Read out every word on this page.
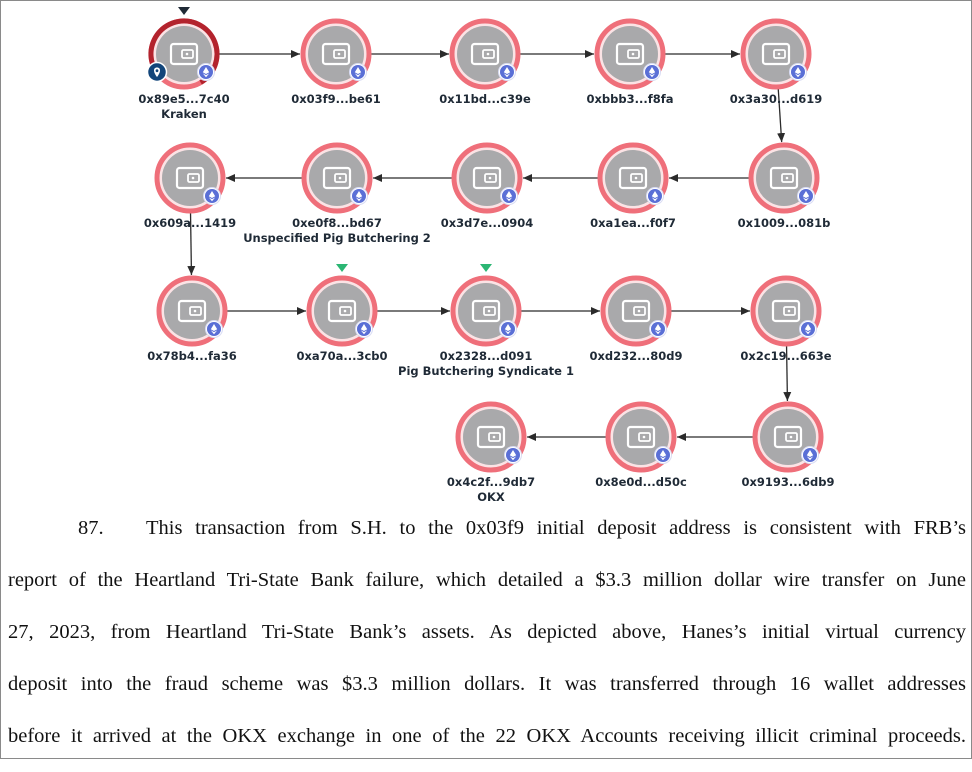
0x89e5...7c40
Kraken
0x03f9...be61	0x11bd...c39e	0xbbb3...f8fa	0x3a30...d619
0x1009...081b
0xa1ea...f0f7
0x3d7e...0904
0xe0f8...bd67
Unspecified Pig Butchering 2
0x609a...1419
0x78b4...fa36	0xa70a...3cb0	0x2328...d091
Pig Butchering Syndicate 1
0xd232...80d9	0x2c19...663e
0x9193...6db9
0x8e0d...d50c
0x4c2f...9db7
OKX
87. This transaction from S.H. to the 0x03f9 initial deposit address is consistent with FRB’s
report of the Heartland Tri-State Bank failure, which detailed a $3.3 million dollar wire transfer on June
27, 2023, from Heartland Tri-State Bank’s assets. As depicted above, Hanes’s initial virtual currency
deposit into the fraud scheme was $3.3 million dollars. It was transferred through 16 wallet addresses
before it arrived at the OKX exchange in one of the 22 OKX Accounts receiving illicit criminal proceeds.
